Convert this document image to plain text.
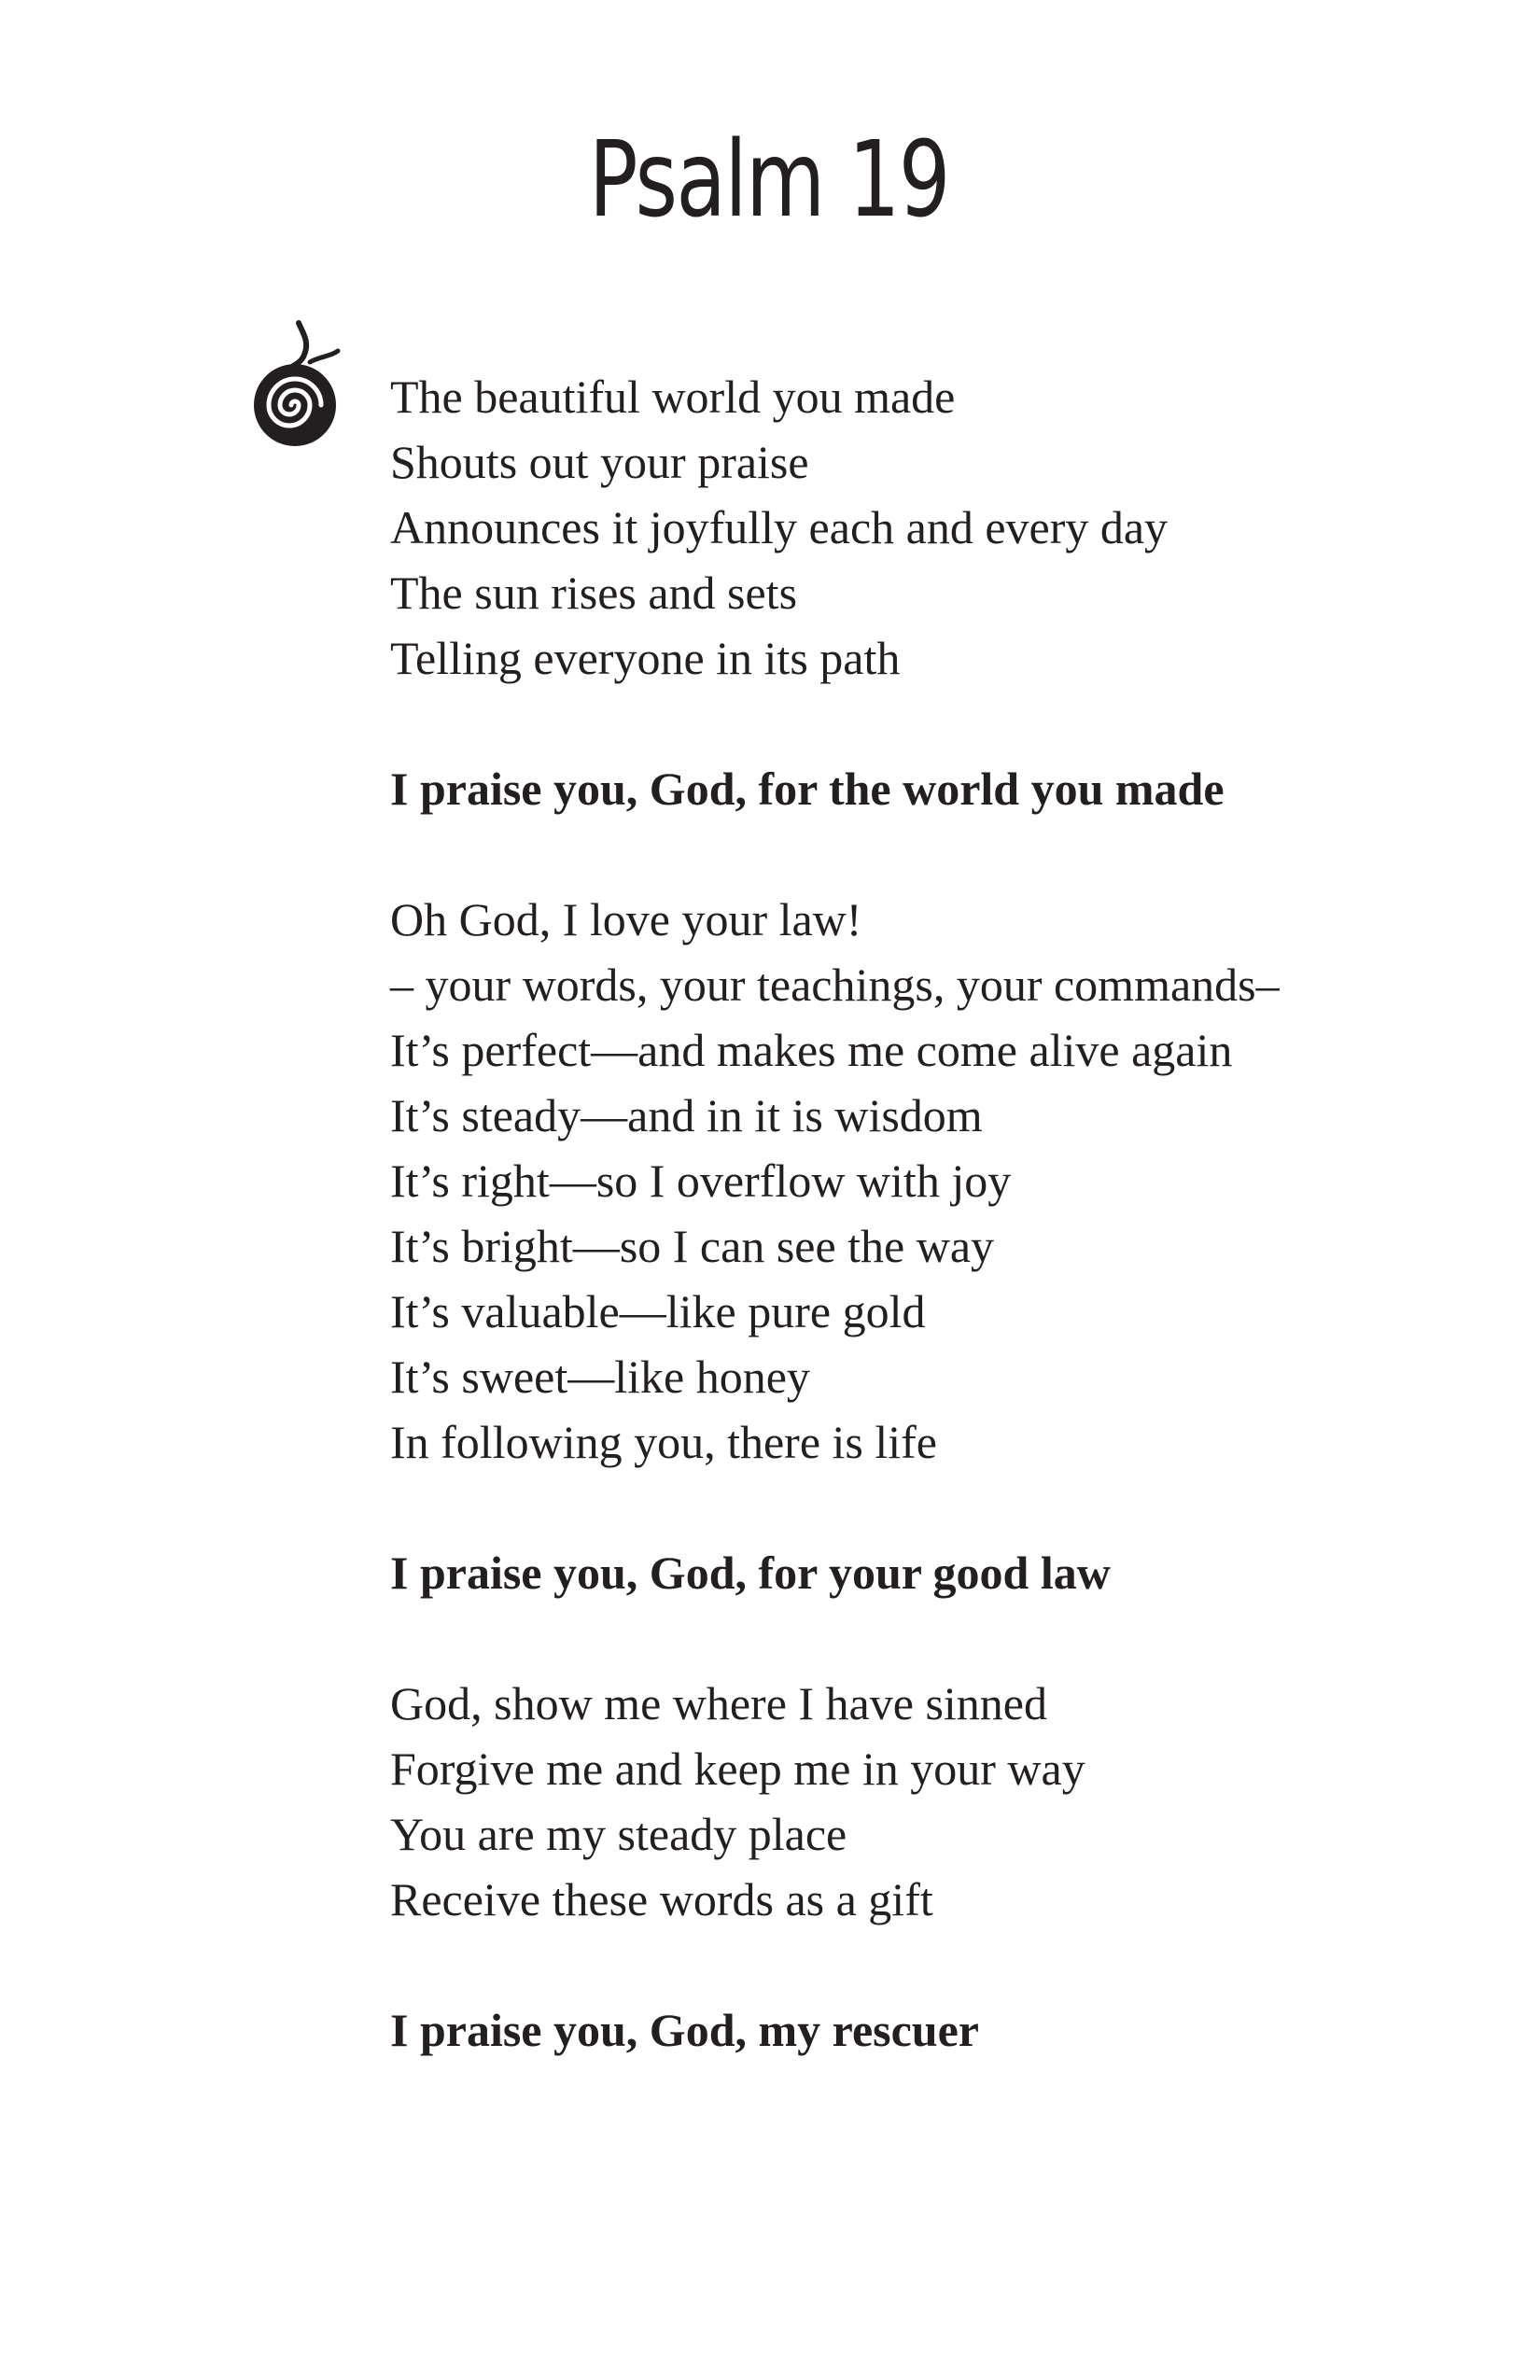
Psalm 19
The beautiful world you made
Shouts out your praise
Announces it joyfully each and every day
The sun rises and sets
Telling everyone in its path
I praise you, God, for the world you made
Oh God, I love your law!
– your words, your teachings, your commands–
It’s perfect—and makes me come alive again
It’s steady—and in it is wisdom
It’s right—so I overflow with joy
It’s bright—so I can see the way
It’s valuable—like pure gold
It’s sweet—like honey
In following you, there is life
I praise you, God, for your good law
God, show me where I have sinned
Forgive me and keep me in your way
You are my steady place
Receive these words as a gift
I praise you, God, my rescuer
